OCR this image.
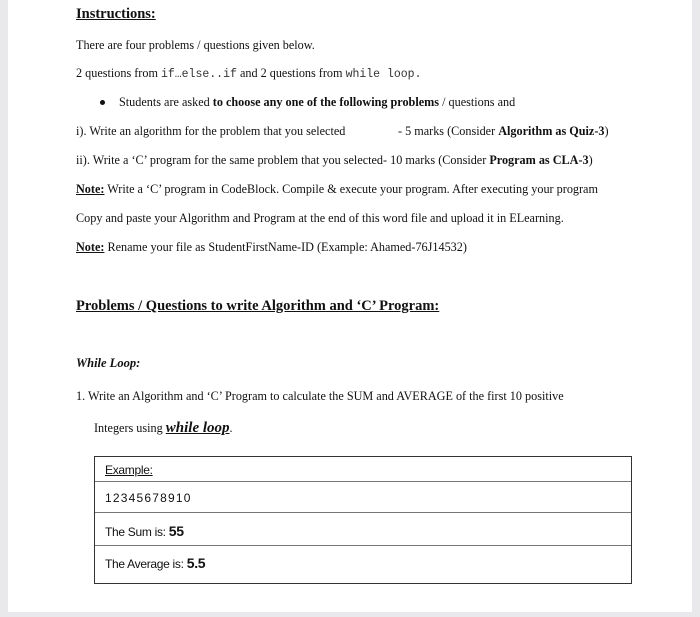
Instructions:
There are four problems / questions given below.
2 questions from if…else..if and 2 questions from while loop.
Students are asked to choose any one of the following problems / questions and
i). Write an algorithm for the problem that you selected	- 5 marks (Consider Algorithm as Quiz-3)
ii). Write a ‘C’ program for the same problem that you selected- 10 marks (Consider Program as CLA-3)
Note: Write a ‘C’ program in CodeBlock. Compile & execute your program. After executing your program
Copy and paste your Algorithm and Program at the end of this word file and upload it in ELearning.
Note: Rename your file as StudentFirstName-ID (Example: Ahamed-76J14532)
Problems / Questions to write Algorithm and ‘C’ Program:
While Loop:
1. Write an Algorithm and ‘C’ Program to calculate the SUM and AVERAGE of the first 10 positive
Integers using while loop.
Example:
12345678910
The Sum is: 55
The Average is: 5.5
